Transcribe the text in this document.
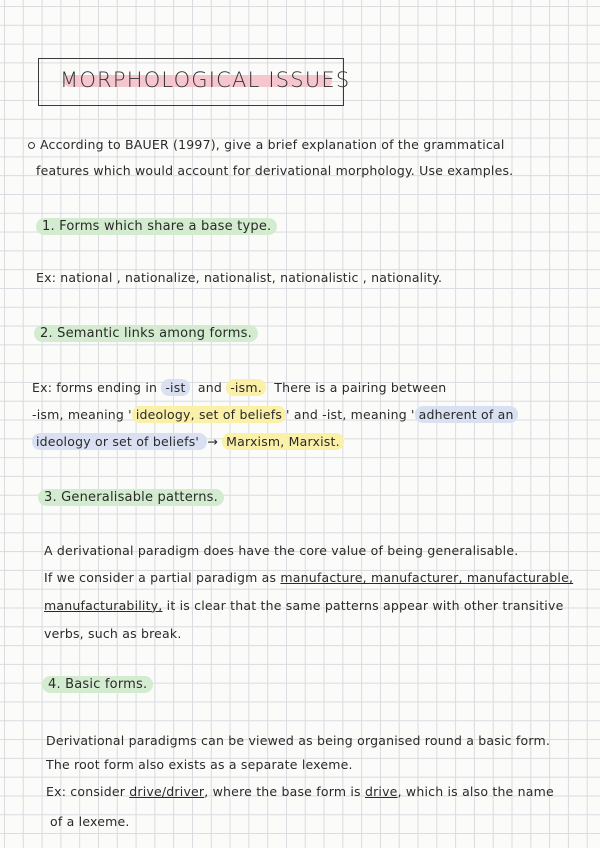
MORPHOLOGICAL ISSUES
According to BAUER (1997), give a brief explanation of the grammatical
features which would account for derivational morphology. Use examples.
1. Forms which share a base type.
Ex: national , nationalize, nationalist, nationalistic , nationality.
2. Semantic links among forms.
Ex: forms ending in -ist and -ism. There is a pairing between
-ism, meaning ' ideology, set of beliefs ' and -ist, meaning ' adherent of an
ideology or set of beliefs' → Marxism, Marxist.
3. Generalisable patterns.
A derivational paradigm does have the core value of being generalisable.
If we consider a partial paradigm as manufacture, manufacturer, manufacturable,
manufacturability, it is clear that the same patterns appear with other transitive
verbs, such as break.
4. Basic forms.
Derivational paradigms can be viewed as being organised round a basic form.
The root form also exists as a separate lexeme.
Ex: consider drive/driver, where the base form is drive, which is also the name
of a lexeme.
